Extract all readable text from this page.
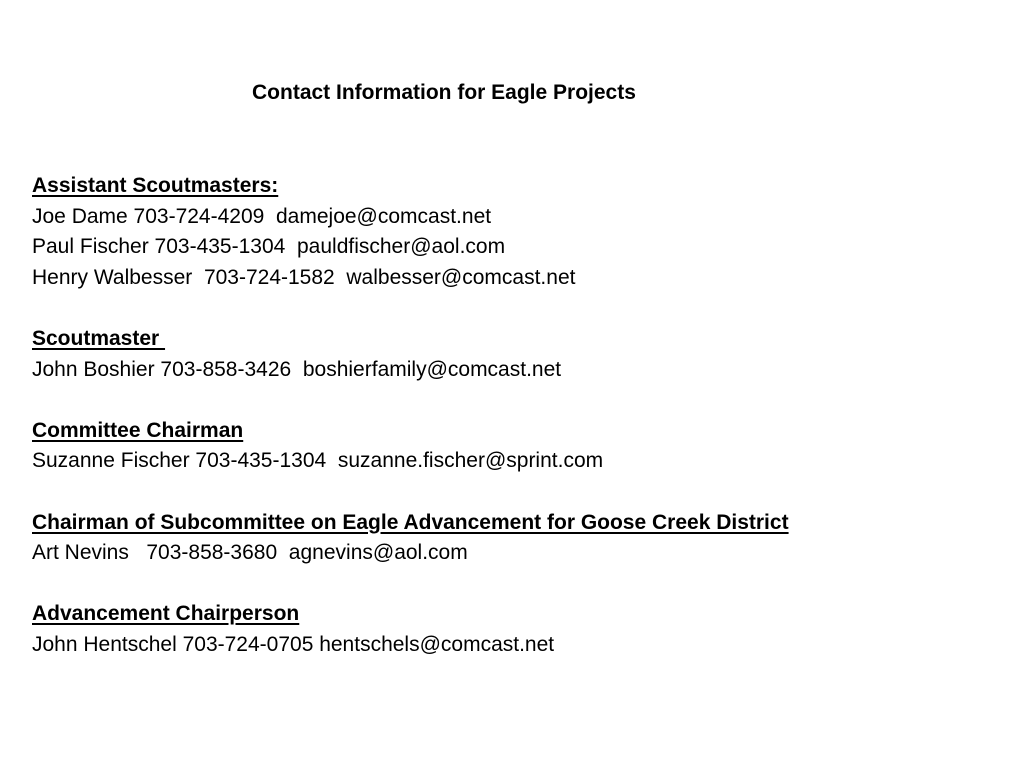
Contact Information for Eagle Projects
Assistant Scoutmasters:
Joe Dame 703-724-4209  damejoe@comcast.net
Paul Fischer 703-435-1304  pauldfischer@aol.com
Henry Walbesser  703-724-1582  walbesser@comcast.net
Scoutmaster
John Boshier 703-858-3426  boshierfamily@comcast.net
Committee Chairman
Suzanne Fischer 703-435-1304  suzanne.fischer@sprint.com
Chairman of Subcommittee on Eagle Advancement for Goose Creek District
Art Nevins   703-858-3680  agnevins@aol.com
Advancement Chairperson
John Hentschel 703-724-0705 hentschels@comcast.net
